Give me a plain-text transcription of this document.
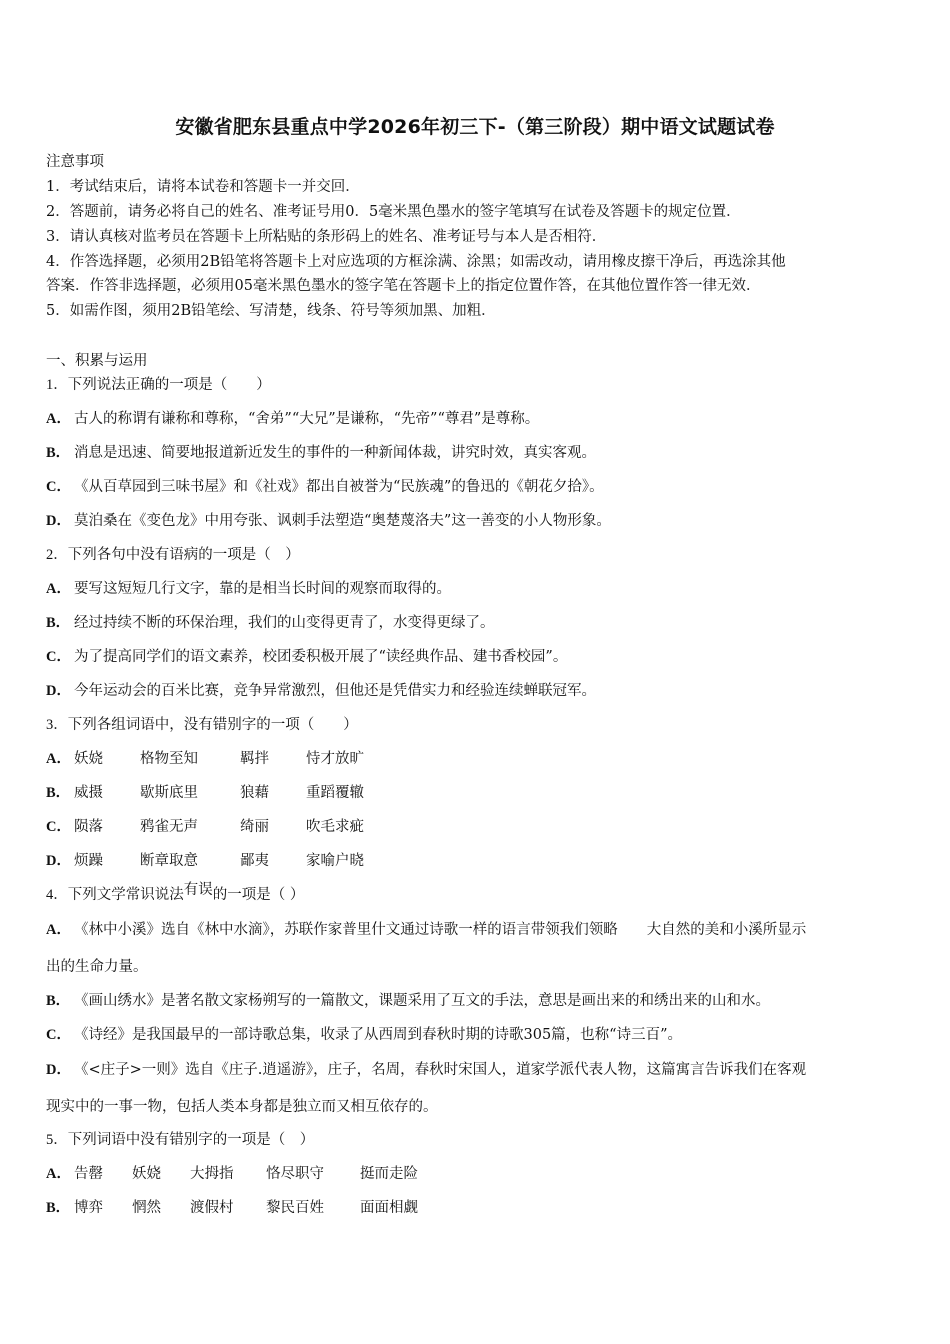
安徽省肥东县重点中学2026年初三下-（第三阶段）期中语文试题试卷
注意事项
1．考试结束后，请将本试卷和答题卡一并交回．
2．答题前，请务必将自己的姓名、准考证号用0．5毫米黑色墨水的签字笔填写在试卷及答题卡的规定位置．
3．请认真核对监考员在答题卡上所粘贴的条形码上的姓名、准考证号与本人是否相符．
4．作答选择题，必须用2B铅笔将答题卡上对应选项的方框涂满、涂黑；如需改动，请用橡皮擦干净后，再选涂其他
答案．作答非选择题，必须用05毫米黑色墨水的签字笔在答题卡上的指定位置作答，在其他位置作答一律无效．
5．如需作图，须用2B铅笔绘、写清楚，线条、符号等须加黑、加粗．
一、积累与运用
1．下列说法正确的一项是（　　）
A． 古人的称谓有谦称和尊称，“舍弟”“大兄”是谦称，“先帝”“尊君”是尊称。
B． 消息是迅速、简要地报道新近发生的事件的一种新闻体裁，讲究时效，真实客观。
C． 《从百草园到三味书屋》和《社戏》都出自被誉为“民族魂”的鲁迅的《朝花夕拾》。
D． 莫泊桑在《变色龙》中用夸张、讽刺手法塑造“奥楚蔑洛夫”这一善变的小人物形象。
2．下列各句中没有语病的一项是（　）
A． 要写这短短几行文字，靠的是相当长时间的观察而取得的。
B． 经过持续不断的环保治理，我们的山变得更青了，水变得更绿了。
C． 为了提高同学们的语文素养，校团委积极开展了“读经典作品、建书香校园”。
D． 今年运动会的百米比赛，竞争异常激烈，但他还是凭借实力和经验连续蝉联冠军。
3．下列各组词语中，没有错别字的一项（　　）
A． 妖娆	格物至知	羁拌	恃才放旷
B． 威摄	歇斯底里	狼藉	重蹈覆辙
C． 陨落	鸦雀无声	绮丽	吹毛求疵
D． 烦躁	断章取意	鄙夷	家喻户晓
4．下列文学常识说法有误的一项是（ ）
A． 《林中小溪》选自《林中水滴》，苏联作家普里什文通过诗歌一样的语言带领我们领略　　大自然的美和小溪所显示
出的生命力量。
B． 《画山绣水》是著名散文家杨朔写的一篇散文，课题采用了互文的手法，意思是画出来的和绣出来的山和水。
C． 《诗经》是我国最早的一部诗歌总集，收录了从西周到春秋时期的诗歌305篇，也称“诗三百”。
D． 《<庄子>一则》选自《庄子.逍遥游》，庄子，名周，春秋时宋国人，道家学派代表人物，这篇寓言告诉我们在客观
现实中的一事一物，包括人类本身都是独立而又相互依存的。
5．下列词语中没有错别字的一项是（　）
A． 告罄 妖娆 大拇指 恪尽职守 挺而走险
B． 博弈 惘然 渡假村 黎民百姓 面面相觑
